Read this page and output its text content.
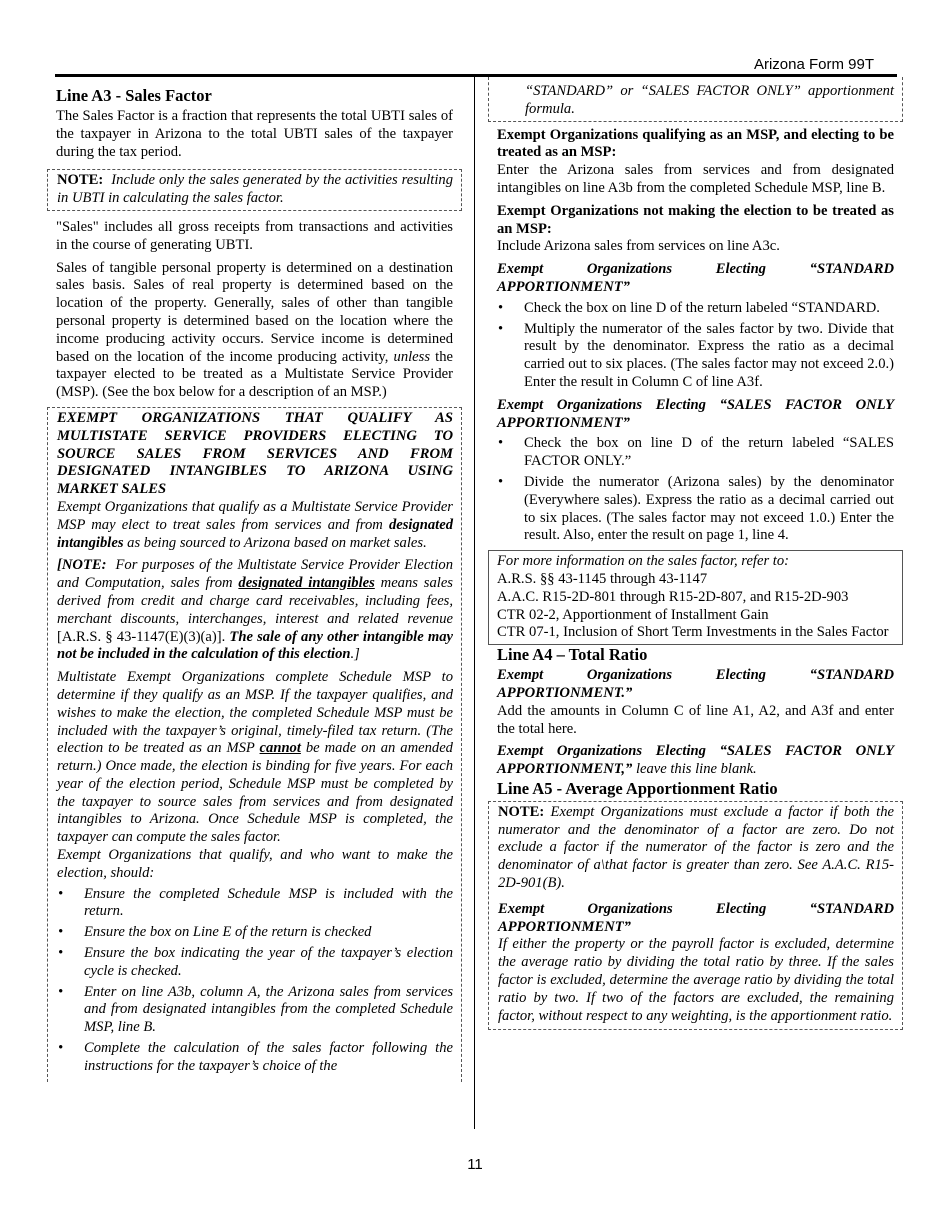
Arizona Form 99T
Line A3 - Sales Factor

The Sales Factor is a fraction that represents the total UBTI sales of the taxpayer in Arizona to the total UBTI sales of the taxpayer during the tax period.

NOTE: Include only the sales generated by the activities resulting in UBTI in calculating the sales factor.

"Sales" includes all gross receipts from transactions and activities in the course of generating UBTI.

Sales of tangible personal property is determined on a destination sales basis. Sales of real property is determined based on the location of the property. Generally, sales of other than tangible personal property is determined based on the location where the income producing activity occurs. Service income is determined based on the location of the income producing activity, unless the taxpayer elected to be treated as a Multistate Service Provider (MSP). (See the box below for a description of an MSP.)

EXEMPT ORGANIZATIONS THAT QUALIFY AS MULTISTATE SERVICE PROVIDERS ELECTING TO SOURCE SALES FROM SERVICES AND FROM DESIGNATED INTANGIBLES TO ARIZONA USING MARKET SALES

Exempt Organizations that qualify as a Multistate Service Provider MSP may elect to treat sales from services and from designated intangibles as being sourced to Arizona based on market sales.

[NOTE: For purposes of the Multistate Service Provider Election and Computation, sales from designated intangibles means sales derived from credit and charge card receivables, including fees, merchant discounts, interchanges, interest and related revenue [A.R.S. § 43-1147(E)(3)(a)]. The sale of any other intangible may not be included in the calculation of this election.]

Multistate Exempt Organizations complete Schedule MSP to determine if they qualify as an MSP. If the taxpayer qualifies, and wishes to make the election, the completed Schedule MSP must be included with the taxpayer’s original, timely-filed tax return. (The election to be treated as an MSP cannot be made on an amended return.) Once made, the election is binding for five years. For each year of the election period, Schedule MSP must be completed by the taxpayer to source sales from services and from designated intangibles to Arizona. Once Schedule MSP is completed, the taxpayer can compute the sales factor.

Exempt Organizations that qualify, and who want to make the election, should:

• Ensure the completed Schedule MSP is included with the return.
• Ensure the box on Line E of the return is checked
• Ensure the box indicating the year of the taxpayer’s election cycle is checked.
• Enter on line A3b, column A, the Arizona sales from services and from designated intangibles from the completed Schedule MSP, line B.
• Complete the calculation of the sales factor following the instructions for the taxpayer’s choice of the

“STANDARD” or “SALES FACTOR ONLY” apportionment formula.

Exempt Organizations qualifying as an MSP, and electing to be treated as an MSP:

Enter the Arizona sales from services and from designated intangibles on line A3b from the completed Schedule MSP, line B.

Exempt Organizations not making the election to be treated as an MSP:

Include Arizona sales from services on line A3c.

Exempt Organizations Electing “STANDARD APPORTIONMENT”

• Check the box on line D of the return labeled “STANDARD.
• Multiply the numerator of the sales factor by two. Divide that result by the denominator. Express the ratio as a decimal carried out to six places. (The sales factor may not exceed 2.0.) Enter the result in Column C of line A3f.

Exempt Organizations Electing “SALES FACTOR ONLY APPORTIONMENT”

• Check the box on line D of the return labeled “SALES FACTOR ONLY.”
• Divide the numerator (Arizona sales) by the denominator (Everywhere sales). Express the ratio as a decimal carried out to six places. (The sales factor may not exceed 1.0.) Enter the result. Also, enter the result on page 1, line 4.

For more information on the sales factor, refer to:

A.R.S. §§ 43-1145 through 43-1147

A.A.C. R15-2D-801 through R15-2D-807, and R15-2D-903

CTR 02-2, Apportionment of Installment Gain

CTR 07-1, Inclusion of Short Term Investments in the Sales Factor

Line A4 – Total Ratio

Exempt Organizations Electing “STANDARD APPORTIONMENT.”

Add the amounts in Column C of line A1, A2, and A3f and enter the total here.

Exempt Organizations Electing “SALES FACTOR ONLY APPORTIONMENT,” leave this line blank.

Line A5 - Average Apportionment Ratio

NOTE: Exempt Organizations must exclude a factor if both the numerator and the denominator of a factor are zero. Do not exclude a factor if the numerator of the factor is zero and the denominator of a\that factor is greater than zero. See A.A.C. R15-2D-901(B).

Exempt Organizations Electing “STANDARD APPORTIONMENT”

If either the property or the payroll factor is excluded, determine the average ratio by dividing the total ratio by three. If the sales factor is excluded, determine the average ratio by dividing the total ratio by two. If two of the factors are excluded, the remaining factor, without respect to any weighting, is the apportionment ratio.

11
